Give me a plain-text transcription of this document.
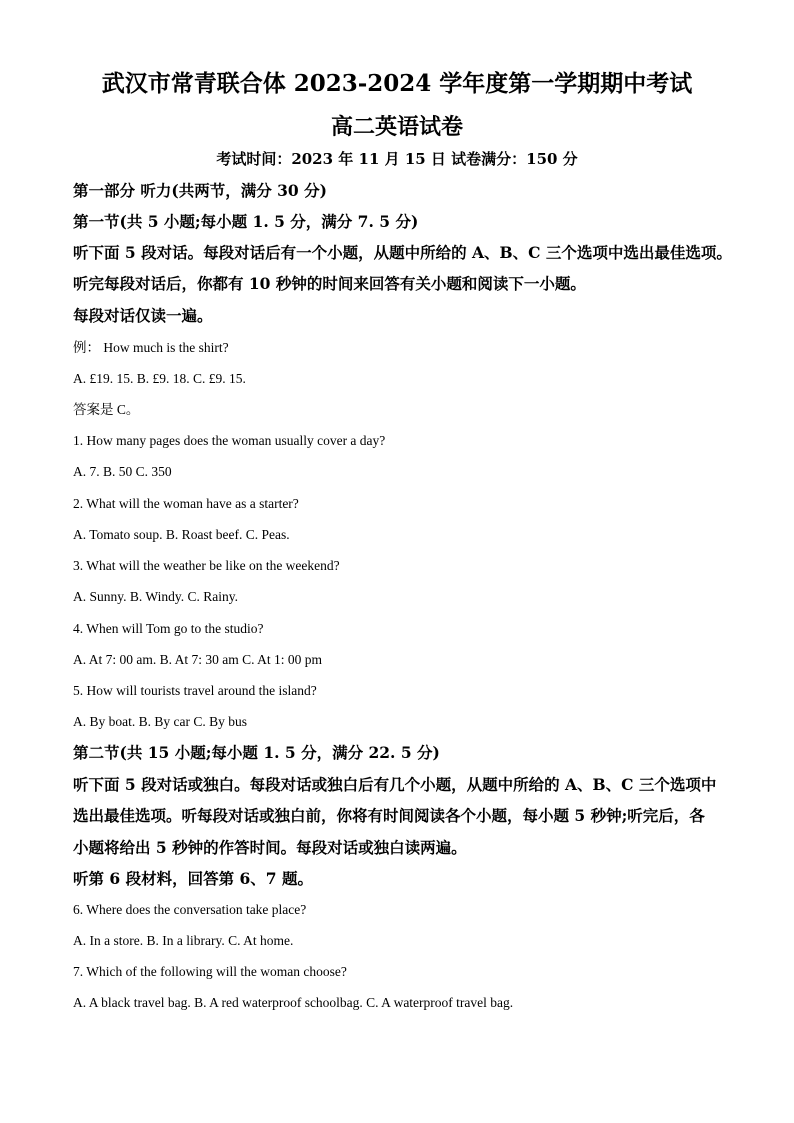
武汉市常青联合体 2023-2024 学年度第一学期期中考试
高二英语试卷
考试时间：2023 年 11 月 15 日 试卷满分：150 分
第一部分 听力(共两节，满分 30 分)
第一节(共 5 小题;每小题 1. 5 分，满分 7. 5 分)
听下面 5 段对话。每段对话后有一个小题，从题中所给的 A、B、C 三个选项中选出最佳选项。
听完每段对话后，你都有 10 秒钟的时间来回答有关小题和阅读下一小题。
每段对话仅读一遍。
例： How much is the shirt?
A. £19. 15. B. £9. 18. C. £9. 15.
答案是 C。
1. How many pages does the woman usually cover a day?
A. 7. B. 50 C. 350
2. What will the woman have as a starter?
A. Tomato soup. B. Roast beef. C. Peas.
3. What will the weather be like on the weekend?
A. Sunny. B. Windy. C. Rainy.
4. When will Tom go to the studio?
A. At 7: 00 am. B. At 7: 30 am C. At 1: 00 pm
5. How will tourists travel around the island?
A. By boat. B. By car C. By bus
第二节(共 15 小题;每小题 1. 5 分，满分 22. 5 分)
听下面 5 段对话或独白。每段对话或独白后有几个小题，从题中所给的 A、B、C 三个选项中
选出最佳选项。听每段对话或独白前，你将有时间阅读各个小题，每小题 5 秒钟;听完后，各
小题将给出 5 秒钟的作答时间。每段对话或独白读两遍。
听第 6 段材料，回答第 6、7 题。
6. Where does the conversation take place?
A. In a store. B. In a library. C. At home.
7. Which of the following will the woman choose?
A. A black travel bag. B. A red waterproof schoolbag. C. A waterproof travel bag.
